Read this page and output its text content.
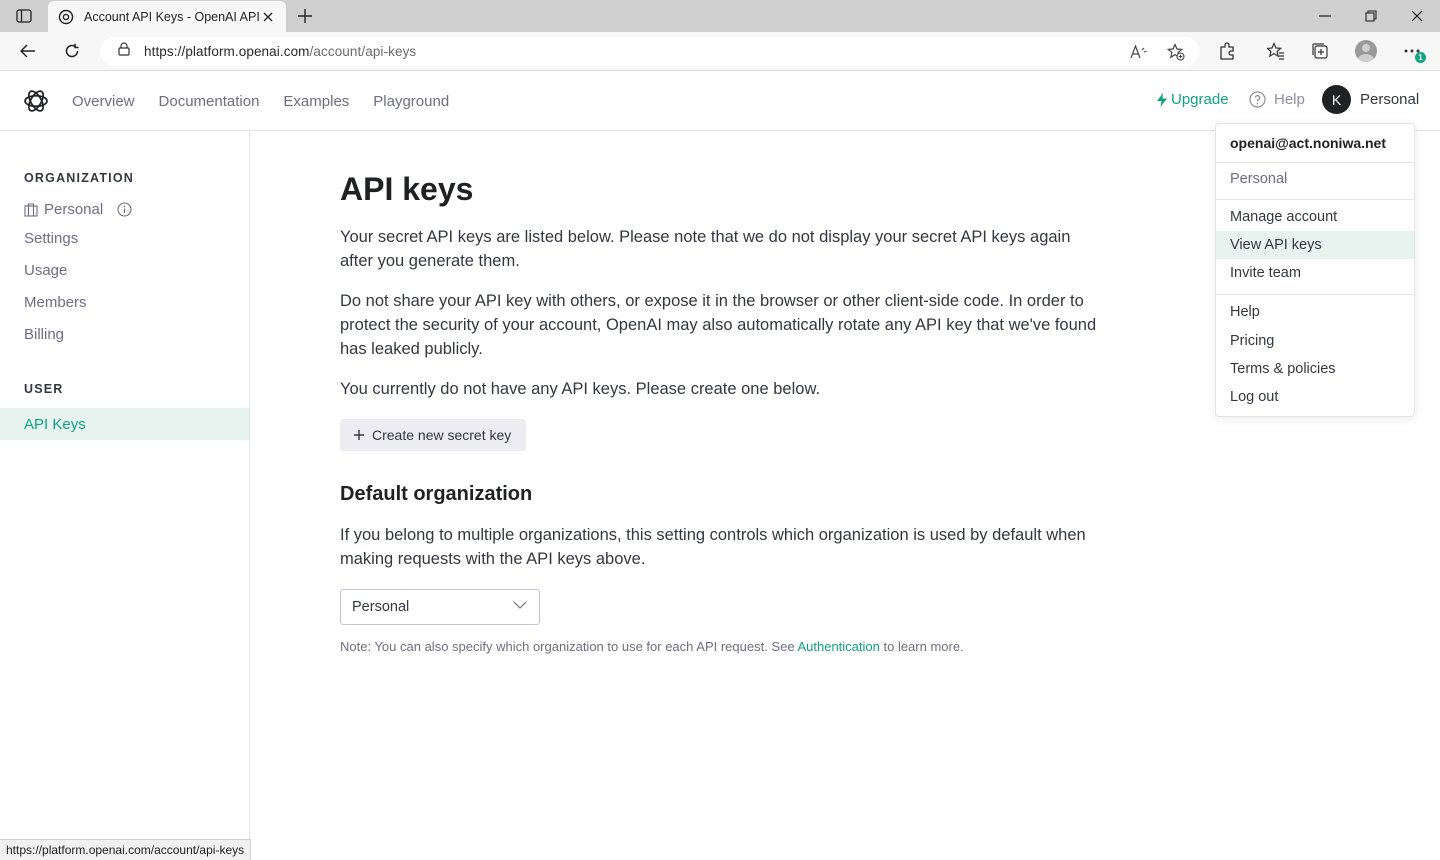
Account API Keys - OpenAI API
https://platform.openai.com/account/api-keys	1
Overview Documentation Examples Playground	Upgrade	Help	K	Personal
ORGANIZATION
Personal
Settings
Usage
Members
Billing
USER
API Keys
API keys

Your secret API keys are listed below. Please note that we do not display your secret API keys again after you generate them.

Do not share your API key with others, or expose it in the browser or other client-side code. In order to protect the security of your account, OpenAI may also automatically rotate any API key that we've found has leaked publicly.

You currently do not have any API keys. Please create one below.

Create new secret key
Default organization

If you belong to multiple organizations, this setting controls which organization is used by default when making requests with the API keys above.

Personal

Note: You can also specify which organization to use for each API request. See Authentication to learn more.

openai@act.noniwa.net
Personal
Manage account
View API keys
Invite team
Help
Pricing
Terms & policies
Log out
https://platform.openai.com/account/api-keys
